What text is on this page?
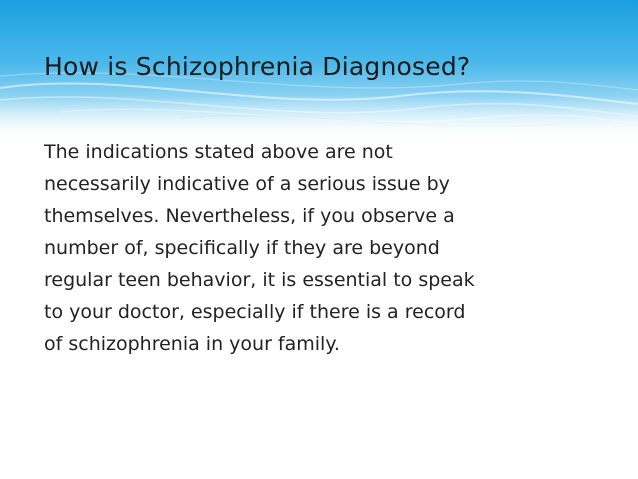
How is Schizophrenia Diagnosed?

The indications stated above are not
necessarily indicative of a serious issue by
themselves. Nevertheless, if you observe a
number of, specifically if they are beyond
regular teen behavior, it is essential to speak
to your doctor, especially if there is a record
of schizophrenia in your family.
